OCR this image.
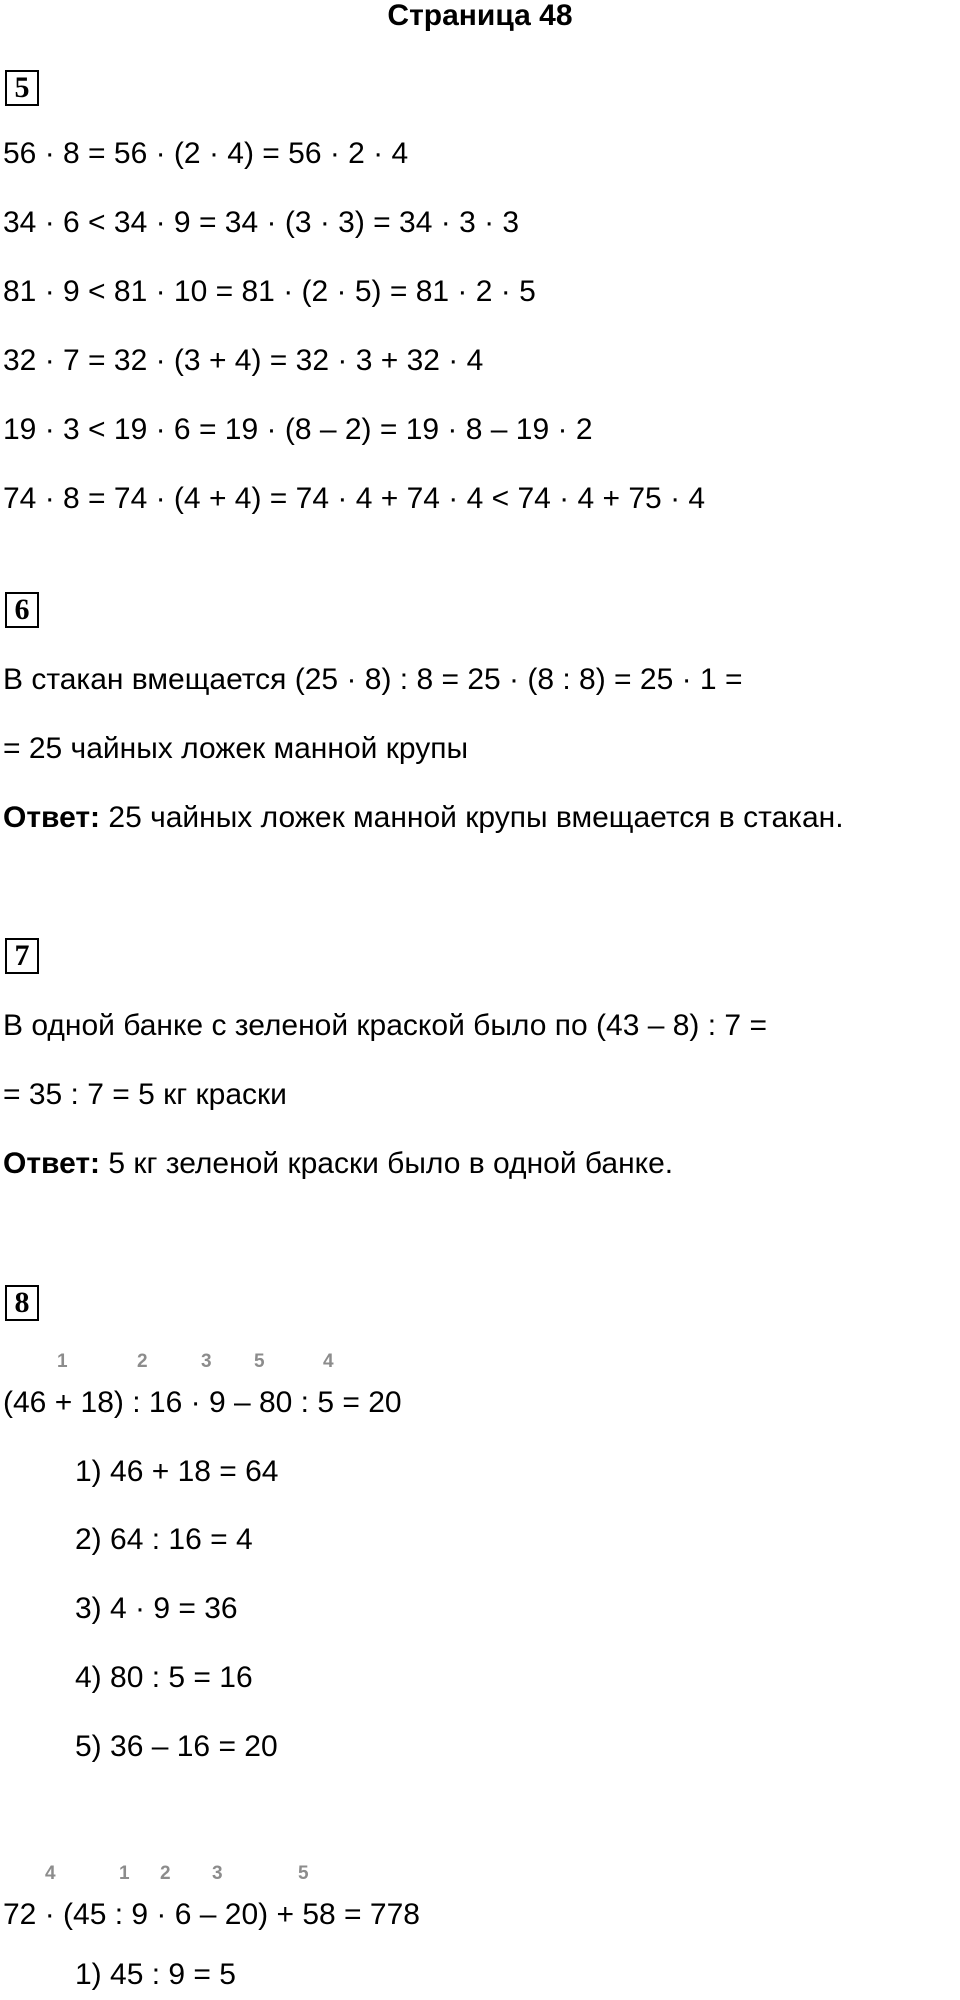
Страница 48
5
56 · 8 = 56 · (2 · 4) = 56 · 2 · 4
34 · 6 < 34 · 9 = 34 · (3 · 3) = 34 · 3 · 3
81 · 9 < 81 · 10 = 81 · (2 · 5) = 81 · 2 · 5
32 · 7 = 32 · (3 + 4) = 32 · 3 + 32 · 4
19 · 3 < 19 · 6 = 19 · (8 – 2) = 19 · 8 – 19 · 2
74 · 8 = 74 · (4 + 4) = 74 · 4 + 74 · 4 < 74 · 4 + 75 · 4
6
В стакан вмещается (25 · 8) : 8 = 25 · (8 : 8) = 25 · 1 =
= 25 чайных ложек манной крупы
Ответ: 25 чайных ложек манной крупы вмещается в стакан.
7
В одной банке с зеленой краской было по (43 – 8) : 7 =
= 35 : 7 = 5 кг краски
Ответ: 5 кг зеленой краски было в одной банке.
8
1	2	3 5	4
(46 + 18) : 16 · 9 – 80 : 5 = 20
1) 46 + 18 = 64
2) 64 : 16 = 4
3) 4 · 9 = 36
4) 80 : 5 = 16
5) 36 – 16 = 20
4	1 2 3	5
72 · (45 : 9 · 6 – 20) + 58 = 778
1) 45 : 9 = 5
